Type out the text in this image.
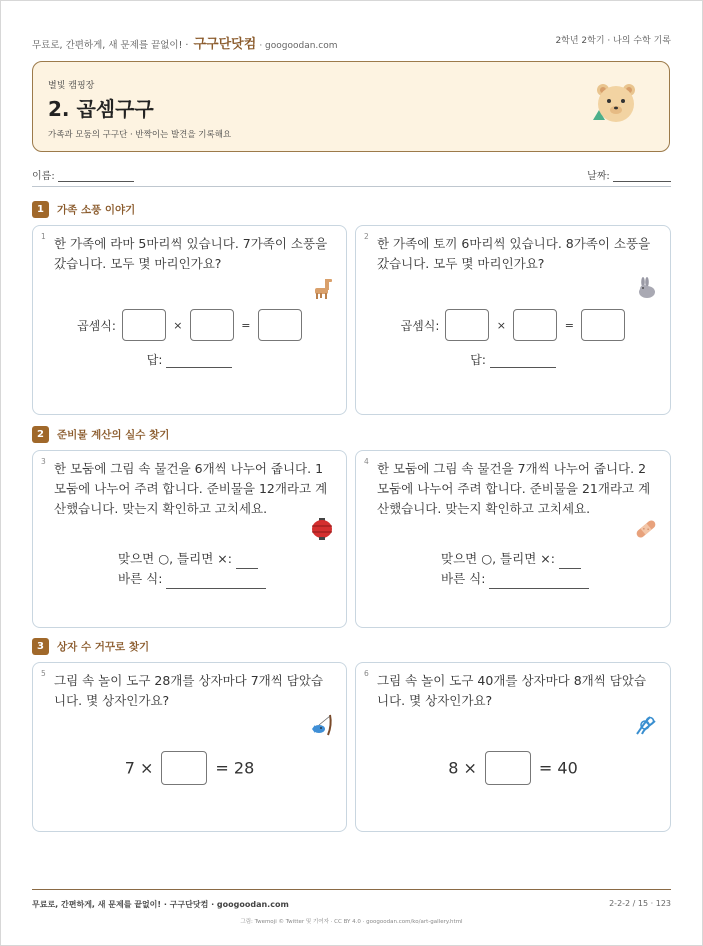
무료로, 간편하게, 새 문제를 끝없이! · 구구단닷컴 · googoodan.com	2학년 2학기 · 나의 수학 기록
별빛 캠핑장
2. 곱셈구구
가족과 모둠의 구구단 · 반짝이는 발견을 기록해요
이름:	날짜:
1 가족 소풍 이야기
1 한 가족에 라마 5마리씩 있습니다. 7가족이 소풍을 갔습니다. 모두 몇 마리인가요?
곱셈식:	×	=
답:
2 한 가족에 토끼 6마리씩 있습니다. 8가족이 소풍을 갔습니다. 모두 몇 마리인가요?
곱셈식:	×	=
답:
2 준비물 계산의 실수 찾기
3 한 모둠에 그림 속 물건을 6개씩 나누어 줍니다. 1모둠에 나누어 주려 합니다. 준비물을 12개라고 계산했습니다. 맞는지 확인하고 고치세요.
맞으면 ○, 틀리면 ×:
바른 식:
4 한 모둠에 그림 속 물건을 7개씩 나누어 줍니다. 2모둠에 나누어 주려 합니다. 준비물을 21개라고 계산했습니다. 맞는지 확인하고 고치세요.
맞으면 ○, 틀리면 ×:
바른 식:
3 상자 수 거꾸로 찾기
5 그림 속 놀이 도구 28개를 상자마다 7개씩 담았습니다. 몇 상자인가요?
7 ×	= 28
6 그림 속 놀이 도구 40개를 상자마다 8개씩 담았습니다. 몇 상자인가요?
8 ×	= 40
무료로, 간편하게, 새 문제를 끝없이! · 구구단닷컴 · googoodan.com	2-2-2 / 15 · 123
그림: Twemoji © Twitter 및 기여자 · CC BY 4.0 · googoodan.com/ko/art-gallery.html
